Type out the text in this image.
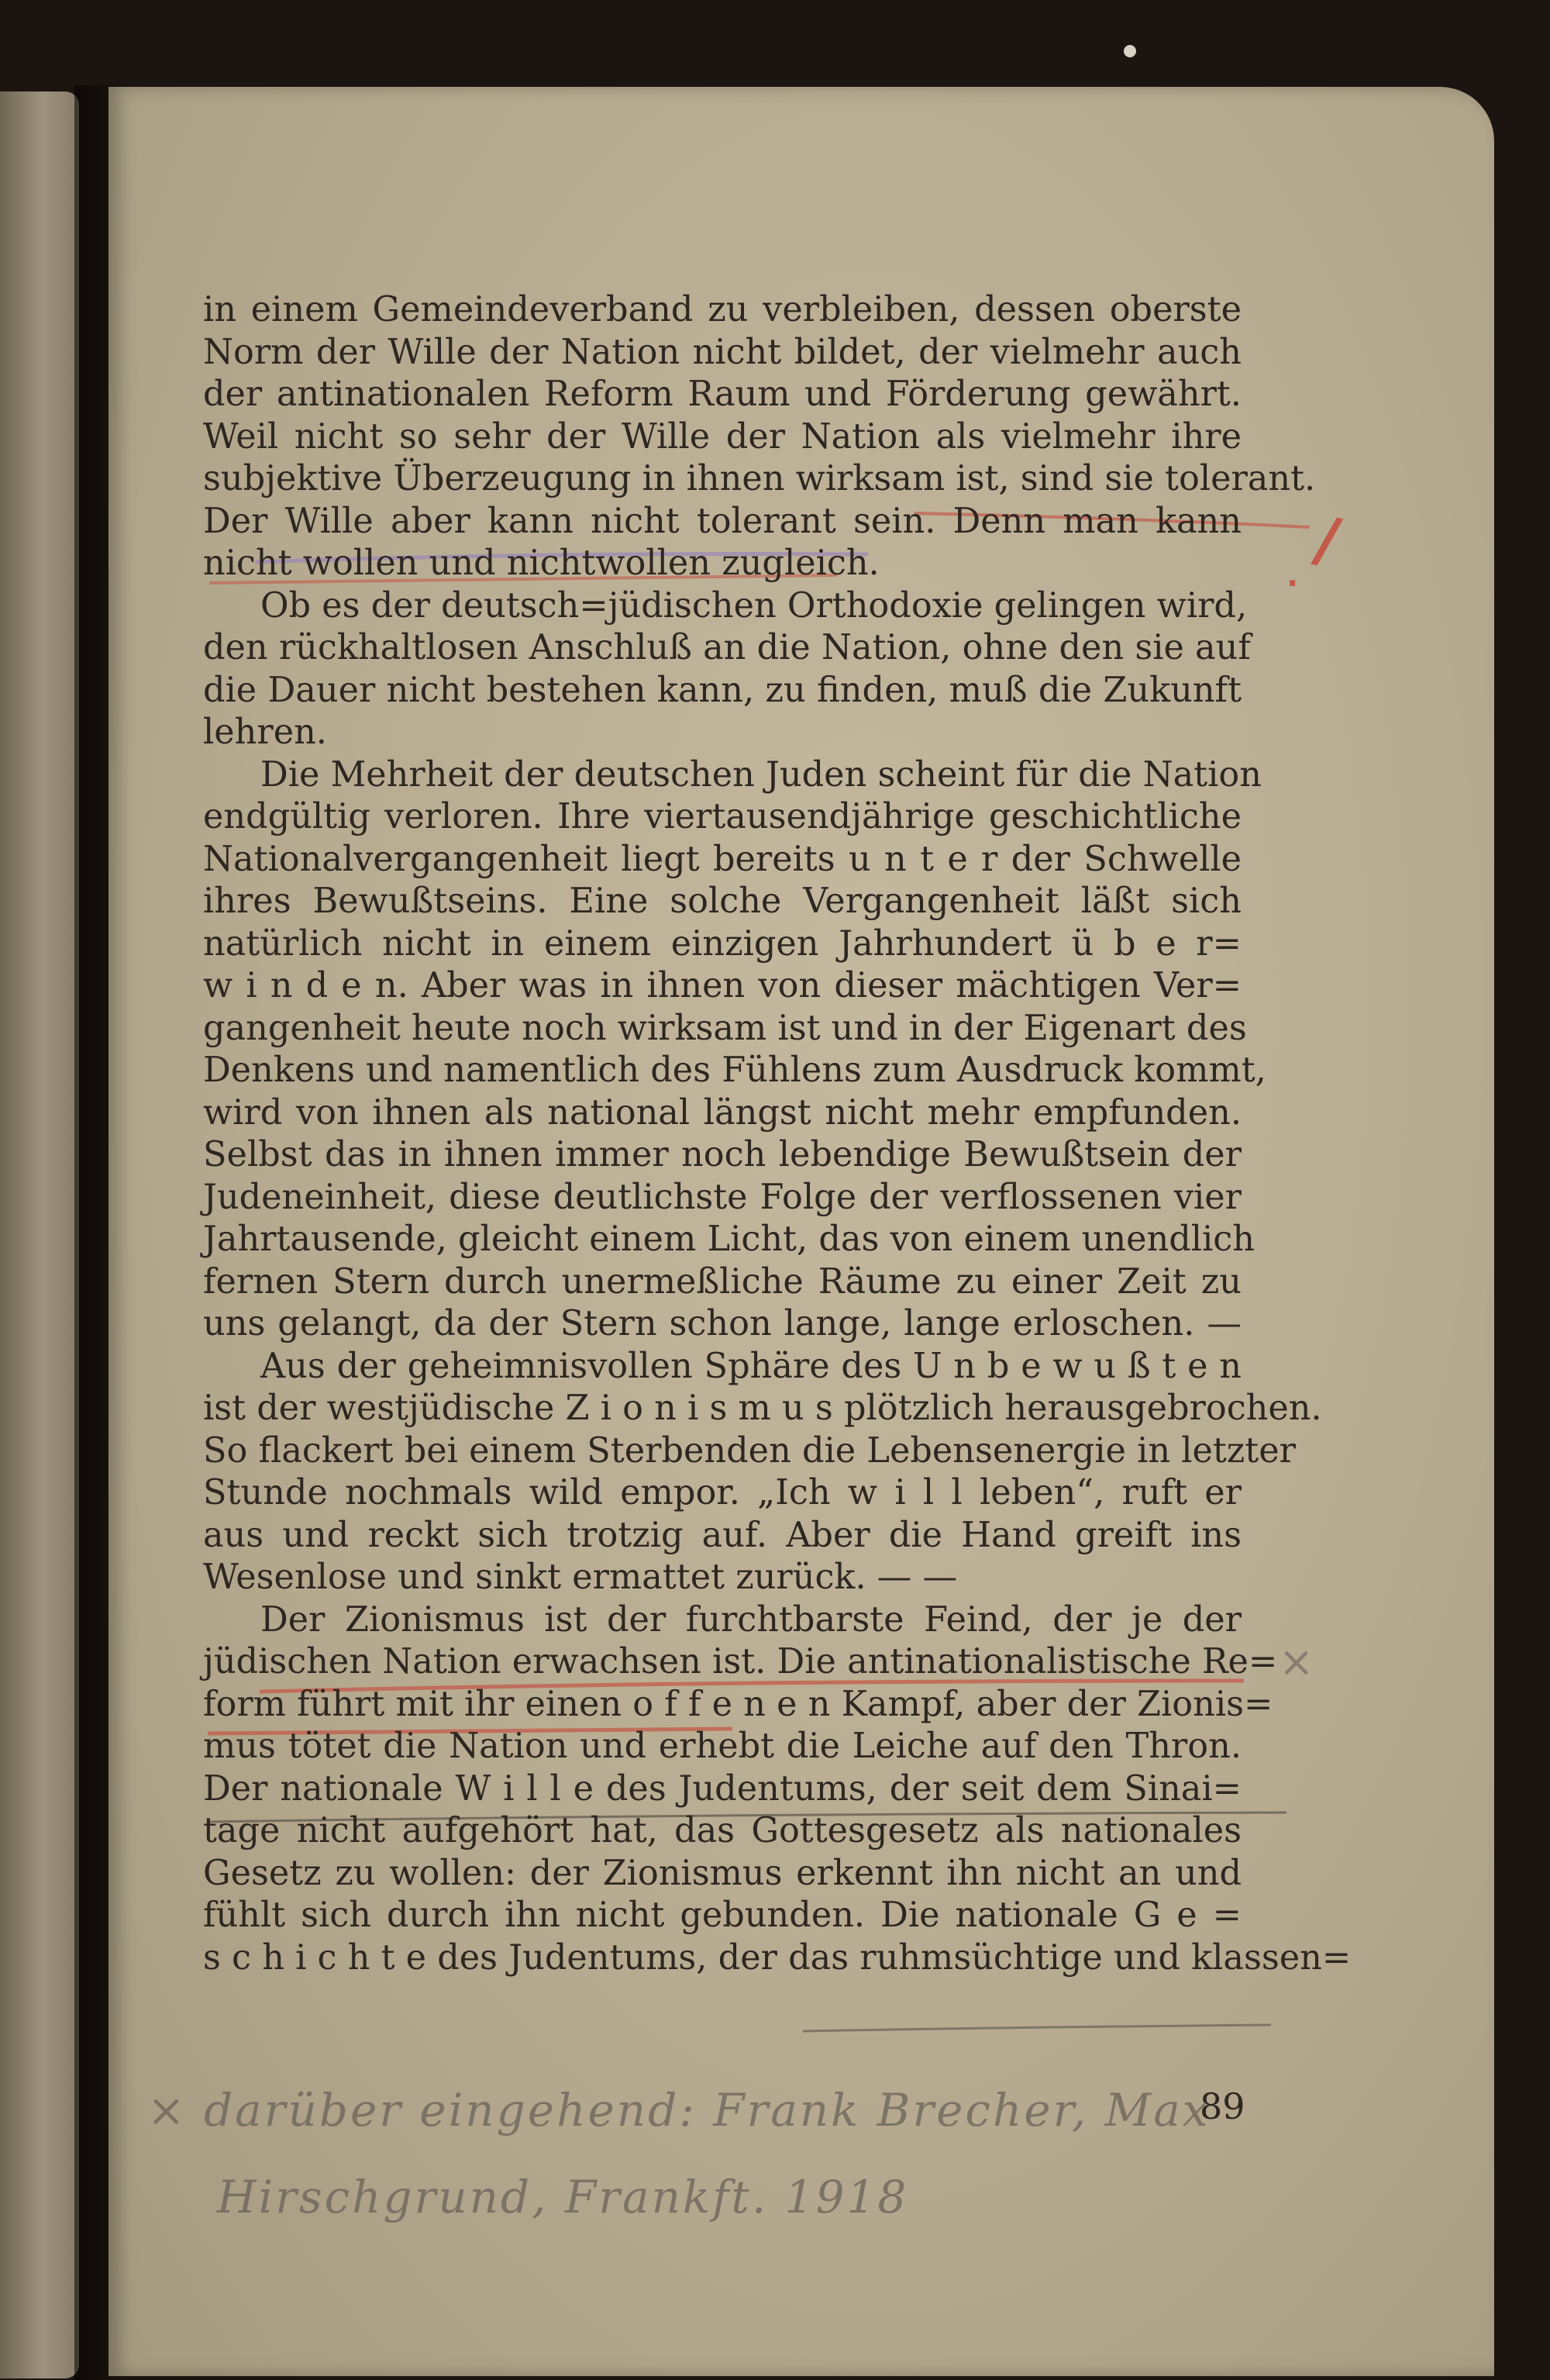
in einem Gemeindeverband zu verbleiben, dessen oberste
Norm der Wille der Nation nicht bildet, der vielmehr auch
der antinationalen Reform Raum und Förderung gewährt.
Weil nicht so sehr der Wille der Nation als vielmehr ihre
subjektive Überzeugung in ihnen wirksam ist, sind sie tolerant.
Der Wille aber kann nicht tolerant sein. Denn man kann
nicht wollen und nichtwollen zugleich.
Ob es der deutsch=jüdischen Orthodoxie gelingen wird,
den rückhaltlosen Anschluß an die Nation, ohne den sie auf
die Dauer nicht bestehen kann, zu finden, muß die Zukunft
lehren.
Die Mehrheit der deutschen Juden scheint für die Nation
endgültig verloren. Ihre viertausendjährige geschichtliche
Nationalvergangenheit liegt bereits u n t e r der Schwelle
ihres Bewußtseins. Eine solche Vergangenheit läßt sich
natürlich nicht in einem einzigen Jahrhundert ü b e r=
w i n d e n. Aber was in ihnen von dieser mächtigen Ver=
gangenheit heute noch wirksam ist und in der Eigenart des
Denkens und namentlich des Fühlens zum Ausdruck kommt,
wird von ihnen als national längst nicht mehr empfunden.
Selbst das in ihnen immer noch lebendige Bewußtsein der
Judeneinheit, diese deutlichste Folge der verflossenen vier
Jahrtausende, gleicht einem Licht, das von einem unendlich
fernen Stern durch unermeßliche Räume zu einer Zeit zu
uns gelangt, da der Stern schon lange, lange erloschen. —
Aus der geheimnisvollen Sphäre des U n b e w u ß t e n
ist der westjüdische Z i o n i s m u s plötzlich herausgebrochen.
So flackert bei einem Sterbenden die Lebensenergie in letzter
Stunde nochmals wild empor. „Ich w i l l leben“, ruft er
aus und reckt sich trotzig auf. Aber die Hand greift ins
Wesenlose und sinkt ermattet zurück. — —
Der Zionismus ist der furchtbarste Feind, der je der
jüdischen Nation erwachsen ist. Die antinationalistische Re=
form führt mit ihr einen o f f e n e n Kampf, aber der Zionis=
mus tötet die Nation und erhebt die Leiche auf den Thron.
Der nationale W i l l e des Judentums, der seit dem Sinai=
tage nicht aufgehört hat, das Gottesgesetz als nationales
Gesetz zu wollen: der Zionismus erkennt ihn nicht an und
fühlt sich durch ihn nicht gebunden. Die nationale G e =
s c h i c h t e des Judentums, der das ruhmsüchtige und klassen=
/
·
×
89
× darüber eingehend: Frank Brecher, Max
Hirschgrund, Frankft. 1918
